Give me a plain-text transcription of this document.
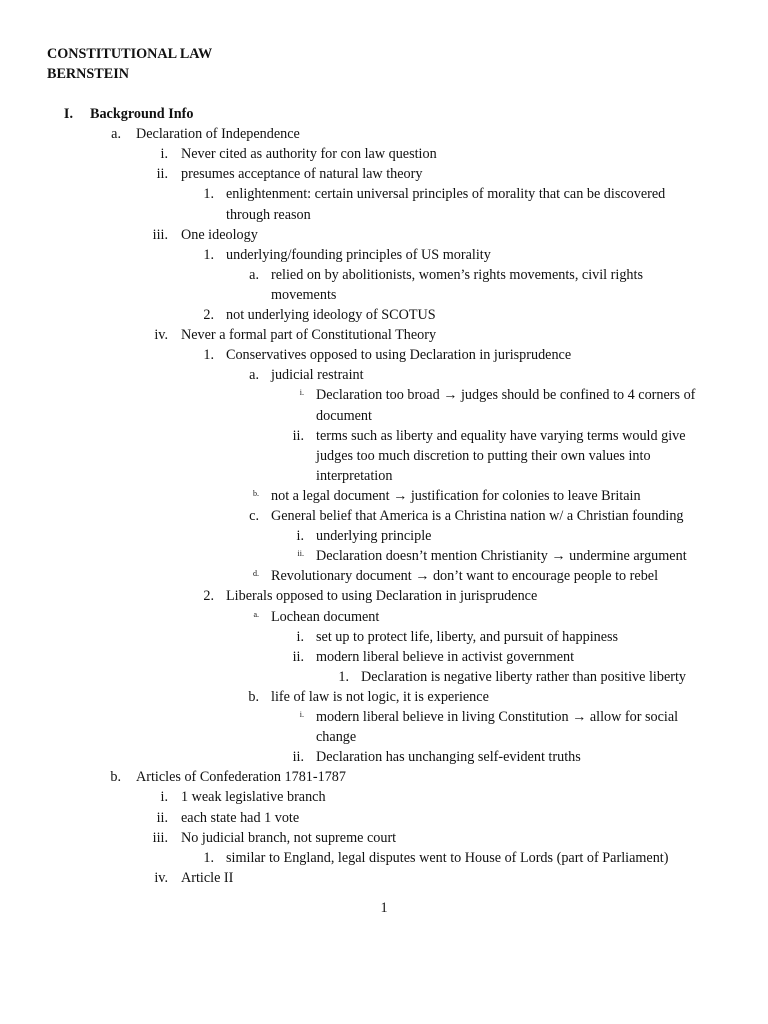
CONSTITUTIONAL LAW
BERNSTEIN
I. Background Info
a. Declaration of Independence
i. Never cited as authority for con law question
ii. presumes acceptance of natural law theory
1. enlightenment: certain universal principles of morality that can be discovered
through reason
iii. One ideology
1. underlying/founding principles of US morality
a. relied on by abolitionists, women’s rights movements, civil rights
movements
2. not underlying ideology of SCOTUS
iv. Never a formal part of Constitutional Theory
1. Conservatives opposed to using Declaration in jurisprudence
a. judicial restraint
i. Declaration too broad → judges should be confined to 4 corners of
document
ii. terms such as liberty and equality have varying terms would give
judges too much discretion to putting their own values into
interpretation
b. not a legal document → justification for colonies to leave Britain
c. General belief that America is a Christina nation w/ a Christian founding
i. underlying principle
ii. Declaration doesn’t mention Christianity → undermine argument
d. Revolutionary document → don’t want to encourage people to rebel
2. Liberals opposed to using Declaration in jurisprudence
a. Lochean document
i. set up to protect life, liberty, and pursuit of happiness
ii. modern liberal believe in activist government
1. Declaration is negative liberty rather than positive liberty
b. life of law is not logic, it is experience
i. modern liberal believe in living Constitution → allow for social
change
ii. Declaration has unchanging self-evident truths
b. Articles of Confederation 1781-1787
i. 1 weak legislative branch
ii. each state had 1 vote
iii. No judicial branch, not supreme court
1. similar to England, legal disputes went to House of Lords (part of Parliament)
iv. Article II
1
